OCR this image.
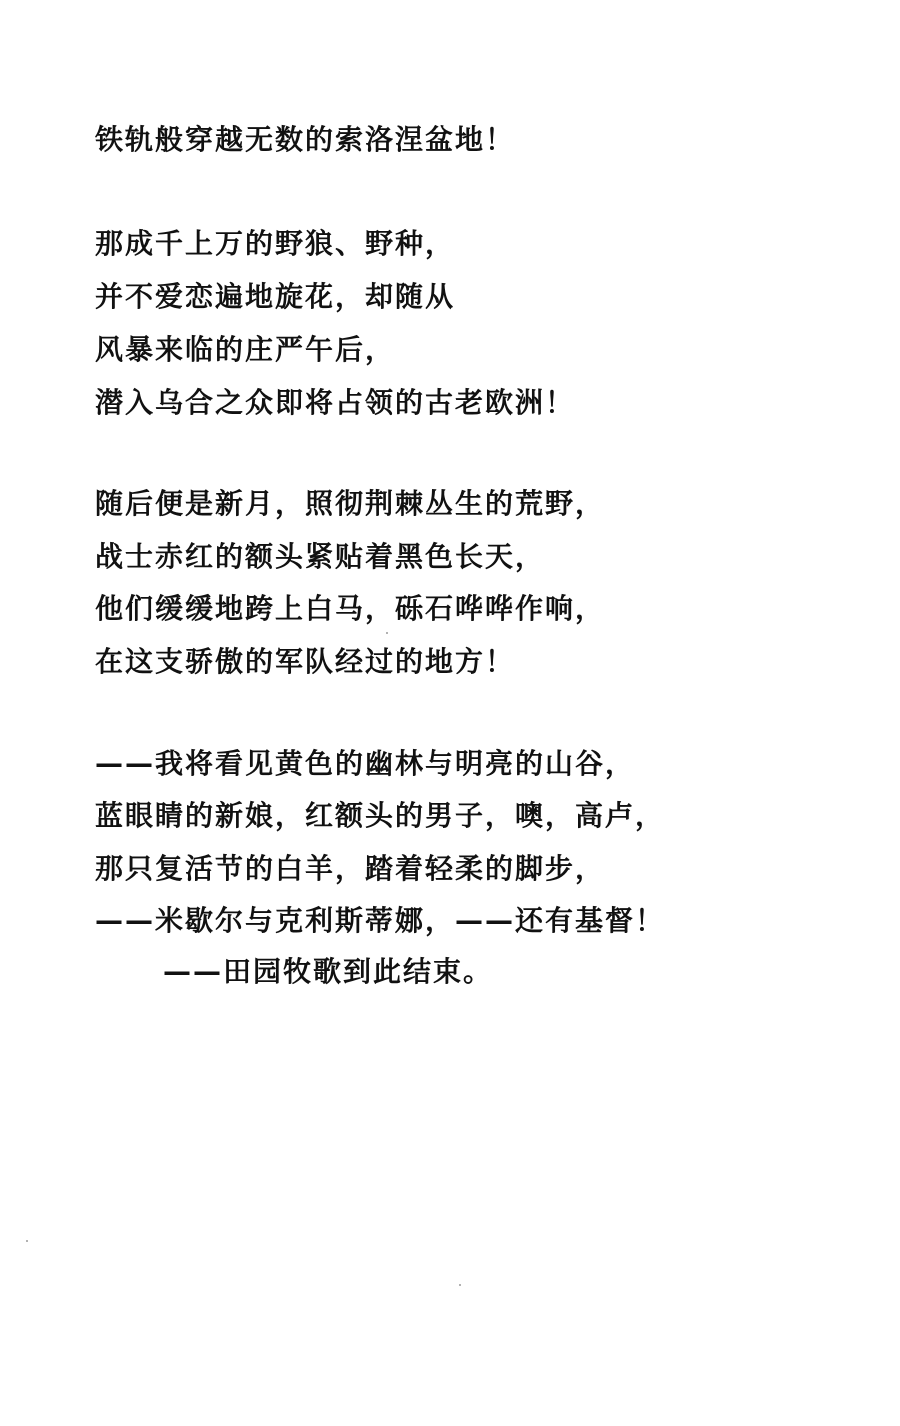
铁轨般穿越无数的索洛涅盆地！
那成千上万的野狼、野种，
并不爱恋遍地旋花，却随从
风暴来临的庄严午后，
潜入乌合之众即将占领的古老欧洲！
随后便是新月，照彻荆棘丛生的荒野，
战士赤红的额头紧贴着黑色长天，
他们缓缓地跨上白马，砾石哗哗作响，
在这支骄傲的军队经过的地方！
——我将看见黄色的幽林与明亮的山谷，
蓝眼睛的新娘，红额头的男子，噢，高卢，
那只复活节的白羊，踏着轻柔的脚步，
——米歇尔与克利斯蒂娜，——还有基督！
——田园牧歌到此结束。
